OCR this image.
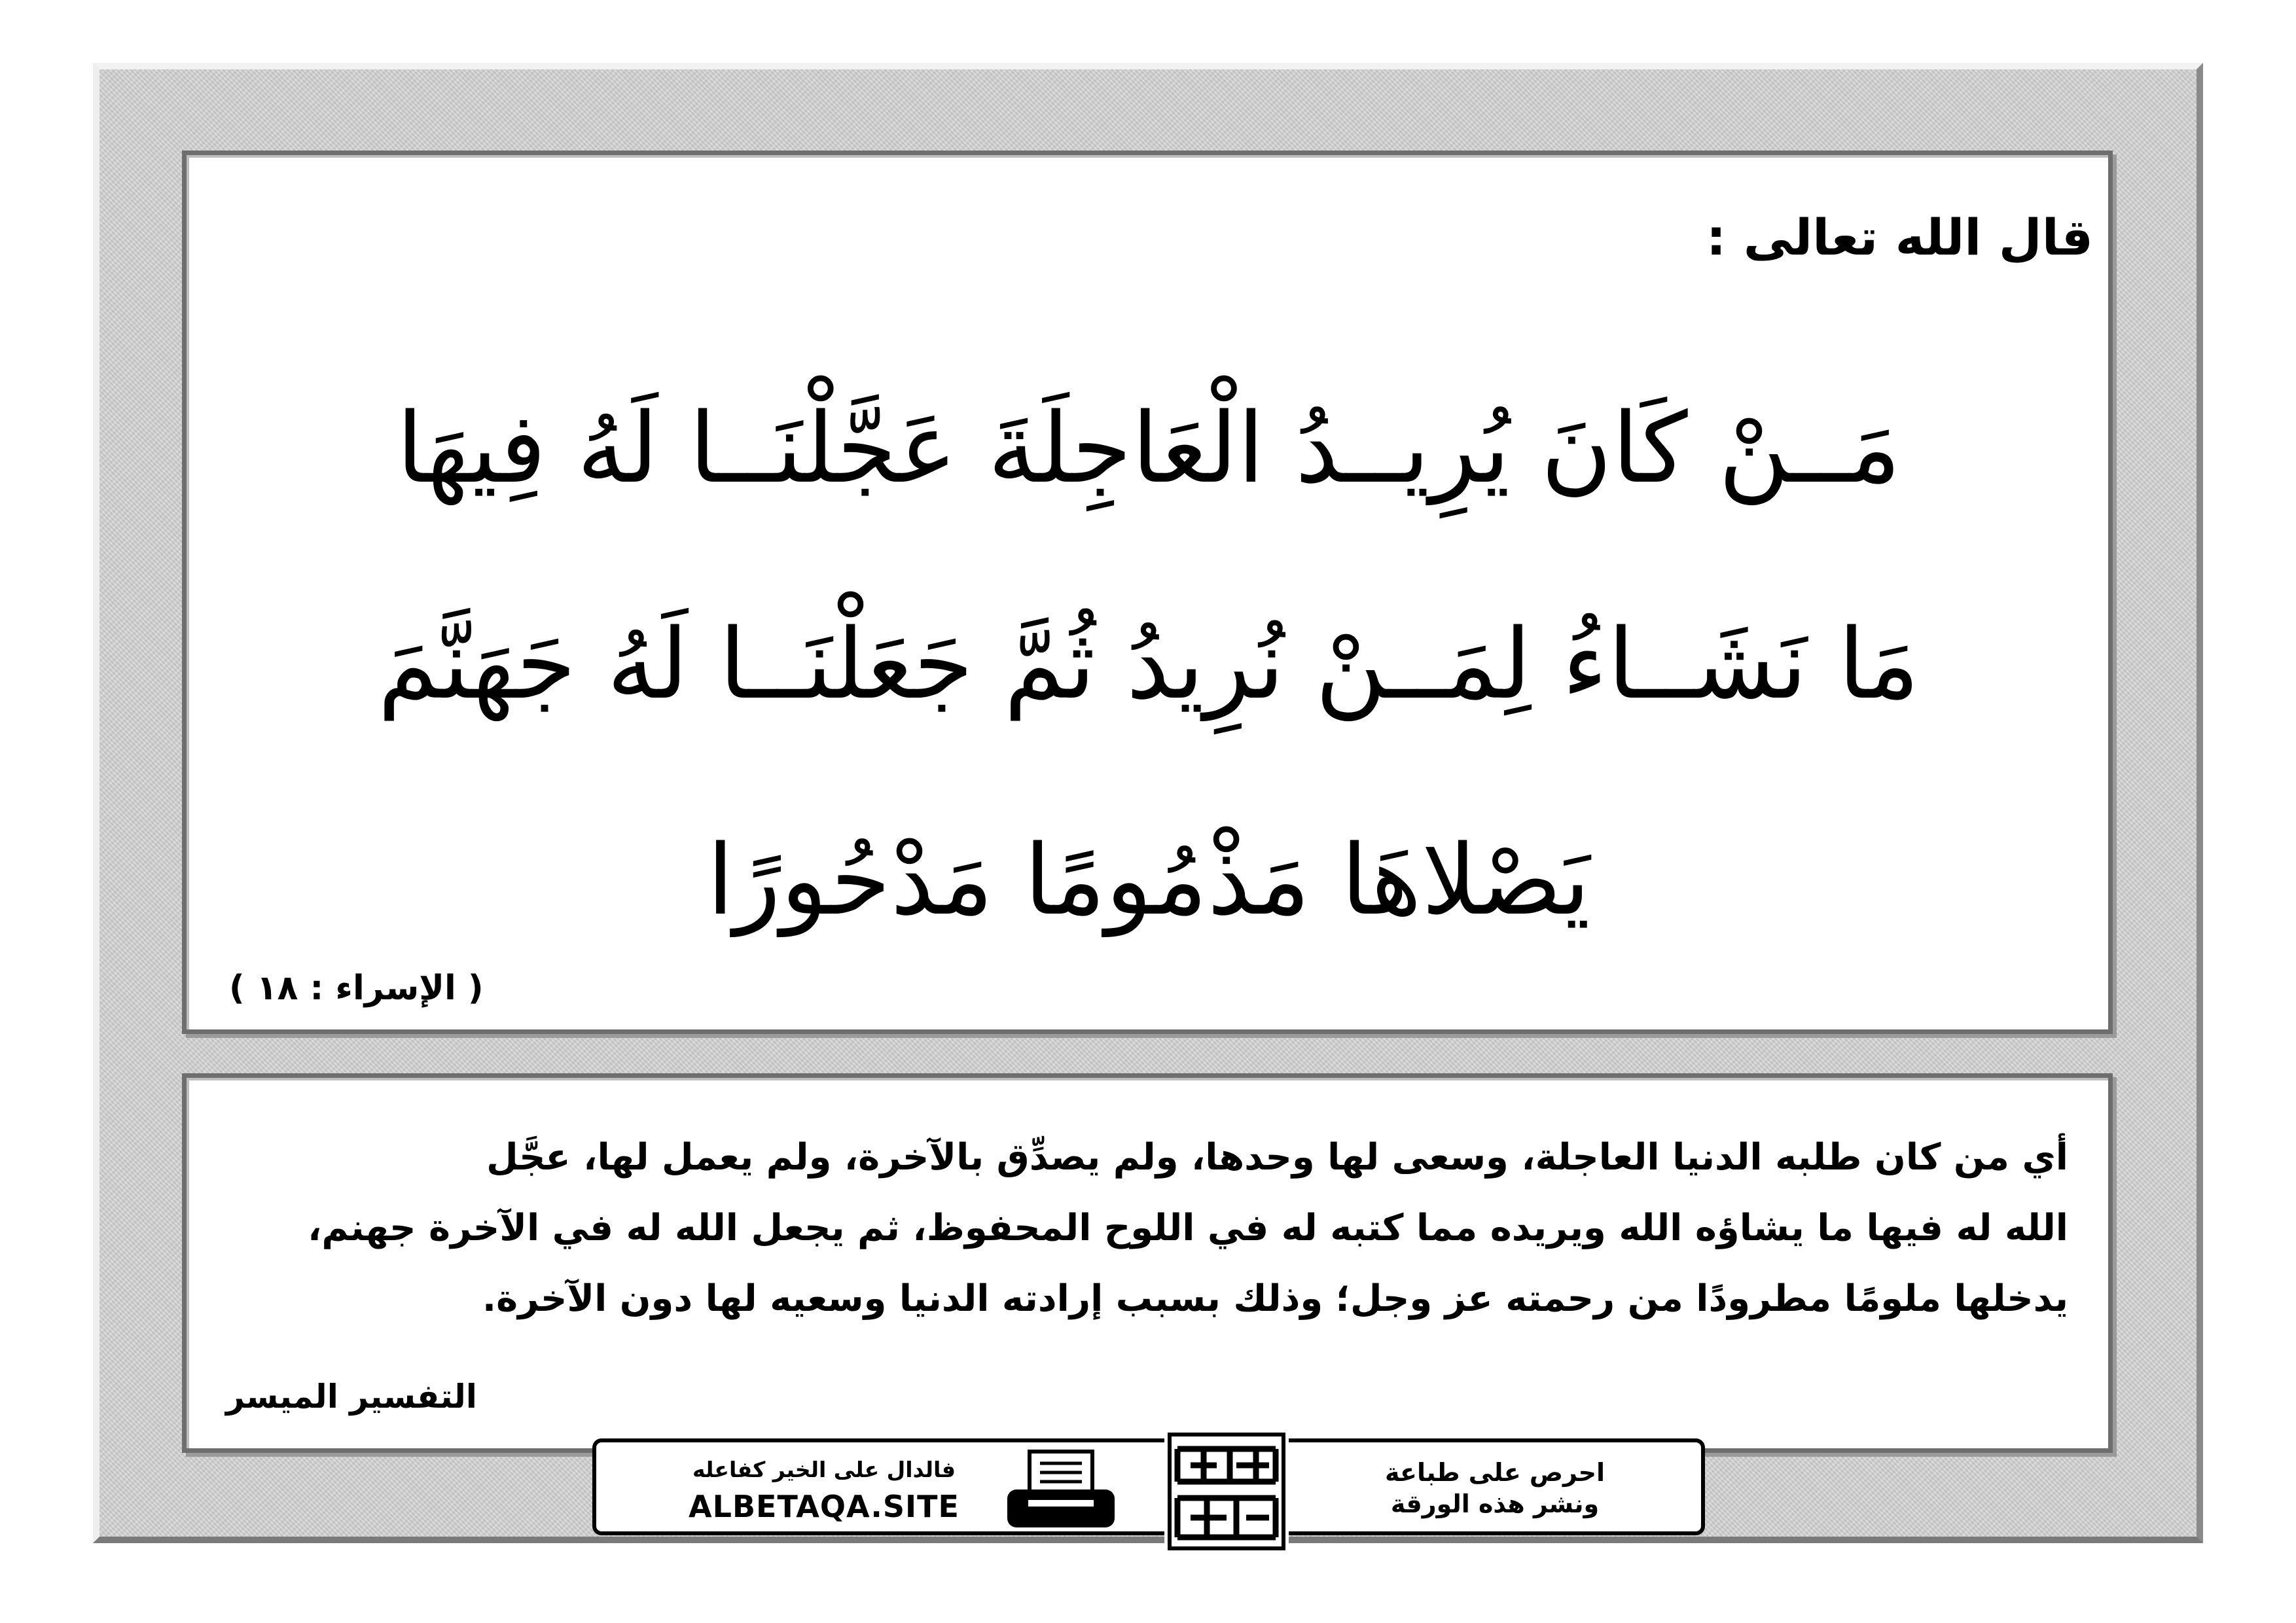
قال الله تعالى :

مَــنْ كَانَ يُرِيــدُ الْعَاجِلَةَ عَجَّلْنَــا لَهُ فِيهَا
مَا نَشَــاءُ لِمَــنْ نُرِيدُ ثُمَّ جَعَلْنَــا لَهُ جَهَنَّمَ
يَصْلاهَا مَذْمُومًا مَدْحُورًا

( الإسراء : ١٨ )

أي من كان طلبه الدنيا العاجلة، وسعى لها وحدها، ولم يصدِّق بالآخرة، ولم يعمل لها، عجَّل
الله له فيها ما يشاؤه الله ويريده مما كتبه له في اللوح المحفوظ، ثم يجعل الله له في الآخرة جهنم،
يدخلها ملومًا مطرودًا من رحمته عز وجل؛ وذلك بسبب إرادته الدنيا وسعيه لها دون الآخرة.

التفسير الميسر

فالدال على الخير كفاعله
ALBETAQA.SITE
احرص على طباعة
ونشر هذه الورقة
